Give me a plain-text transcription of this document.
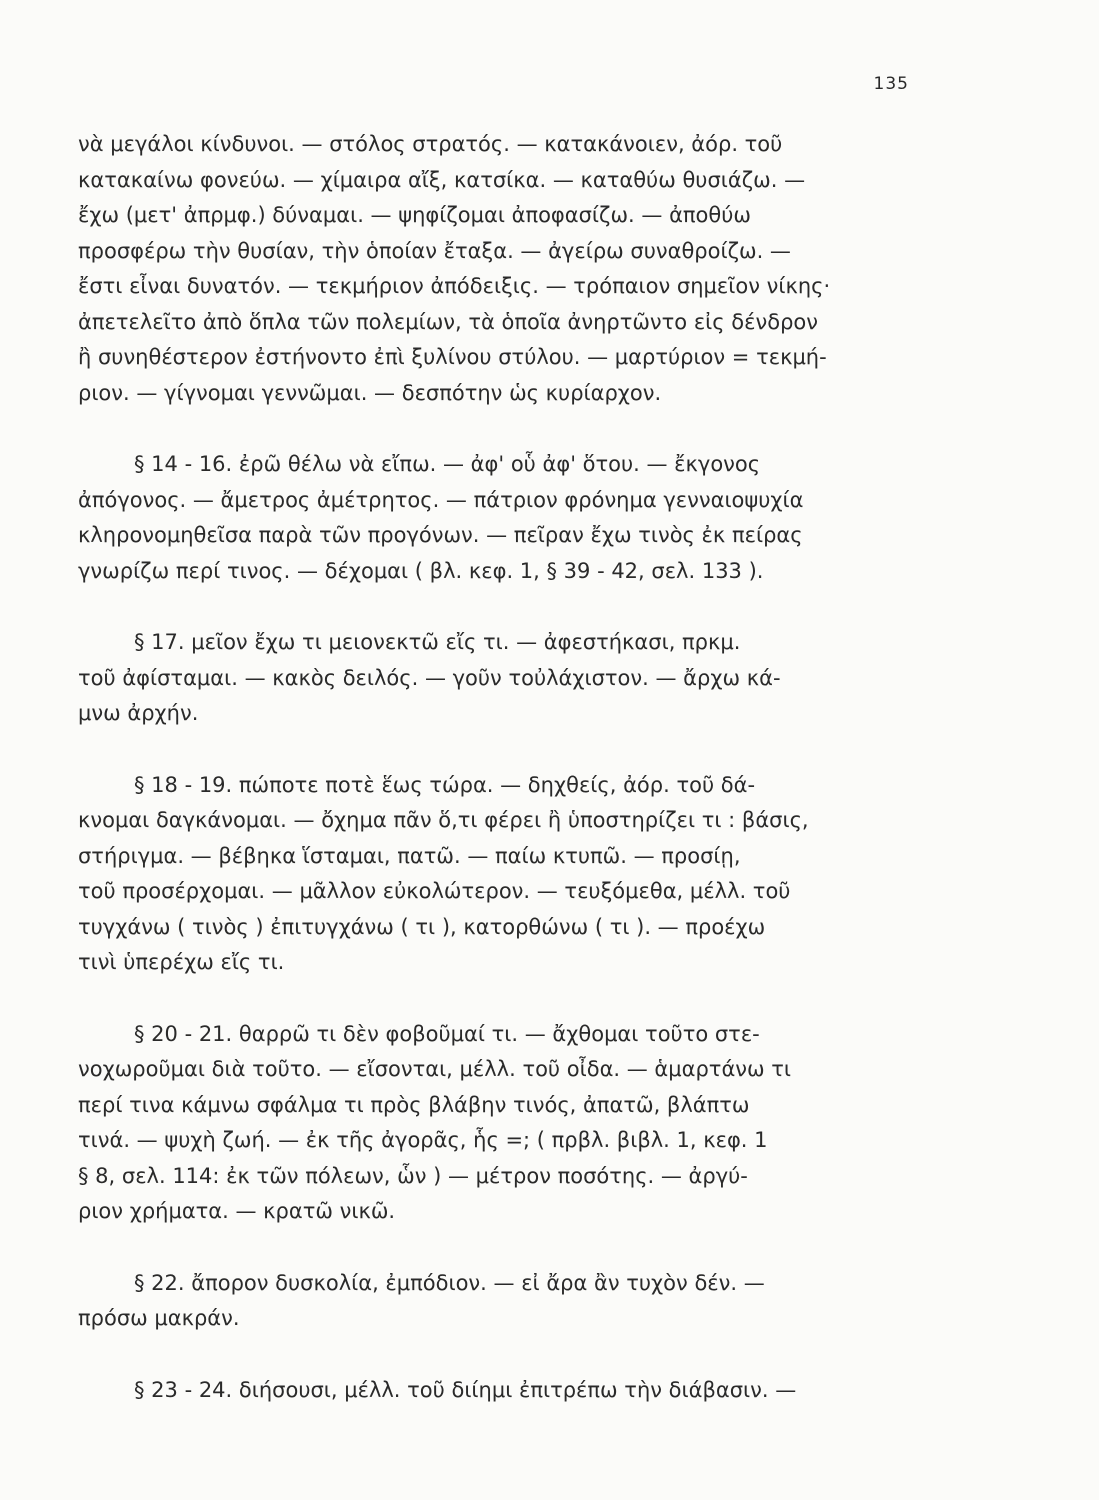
135
νὰ μεγάλοι κίνδυνοι. — στόλος στρατός. — κατακάνοιεν, ἀόρ. τοῦ
κατακαίνω φονεύω. — χίμαιρα αἴξ, κατσίκα. — καταθύω θυσιάζω. —
ἔχω (μετ' ἀπρμφ.) δύναμαι. — ψηφίζομαι ἀποφασίζω. — ἀποθύω
προσφέρω τὴν θυσίαν, τὴν ὁποίαν ἔταξα. — ἀγείρω συναθροίζω. —
ἔστι εἶναι δυνατόν. — τεκμήριον ἀπόδειξις. — τρόπαιον σημεῖον νίκης·
ἀπετελεῖτο ἀπὸ ὅπλα τῶν πολεμίων, τὰ ὁποῖα ἀνηρτῶντο εἰς δένδρον
ἢ συνηθέστερον ἐστήνοντο ἐπὶ ξυλίνου στύλου. — μαρτύριον = τεκμή-
ριον. — γίγνομαι γεννῶμαι. — δεσπότην ὡς κυρίαρχον.
§ 14 - 16. ἐρῶ θέλω νὰ εἴπω. — ἀφ' οὗ ἀφ' ὅτου. — ἔκγονος
ἀπόγονος. — ἄμετρος ἀμέτρητος. — πάτριον φρόνημα γενναιοψυχία
κληρονομηθεῖσα παρὰ τῶν προγόνων. — πεῖραν ἔχω τινὸς ἐκ πείρας
γνωρίζω περί τινος. — δέχομαι ( βλ. κεφ. 1, § 39 - 42, σελ. 133 ).
§ 17. μεῖον ἔχω τι μειονεκτῶ εἴς τι. — ἀφεστήκασι, πρκμ.
τοῦ ἀφίσταμαι. — κακὸς δειλός. — γοῦν τοὐλάχιστον. — ἄρχω κά-
μνω ἀρχήν.
§ 18 - 19. πώποτε ποτὲ ἕως τώρα. — δηχθείς, ἀόρ. τοῦ δά-
κνομαι δαγκάνομαι. — ὄχημα πᾶν ὅ,τι φέρει ἢ ὑποστηρίζει τι : βάσις,
στήριγμα. — βέβηκα ἵσταμαι, πατῶ. — παίω κτυπῶ. — προσίῃ,
τοῦ προσέρχομαι. — μᾶλλον εὐκολώτερον. — τευξόμεθα, μέλλ. τοῦ
τυγχάνω ( τινὸς ) ἐπιτυγχάνω ( τι ), κατορθώνω ( τι ). — προέχω
τινὶ ὑπερέχω εἴς τι.
§ 20 - 21. θαρρῶ τι δὲν φοβοῦμαί τι. — ἄχθομαι τοῦτο στε-
νοχωροῦμαι διὰ τοῦτο. — εἴσονται, μέλλ. τοῦ οἶδα. — ἁμαρτάνω τι
περί τινα κάμνω σφάλμα τι πρὸς βλάβην τινός, ἀπατῶ, βλάπτω
τινά. — ψυχὴ ζωή. — ἐκ τῆς ἀγορᾶς, ἧς =; ( πρβλ. βιβλ. 1, κεφ. 1
§ 8, σελ. 114: ἐκ τῶν πόλεων, ὧν ) — μέτρον ποσότης. — ἀργύ-
ριον χρήματα. — κρατῶ νικῶ.
§ 22. ἄπορον δυσκολία, ἐμπόδιον. — εἰ ἄρα ἂν τυχὸν δέν. —
πρόσω μακράν.
§ 23 - 24. διήσουσι, μέλλ. τοῦ διίημι ἐπιτρέπω τὴν διάβασιν. —
